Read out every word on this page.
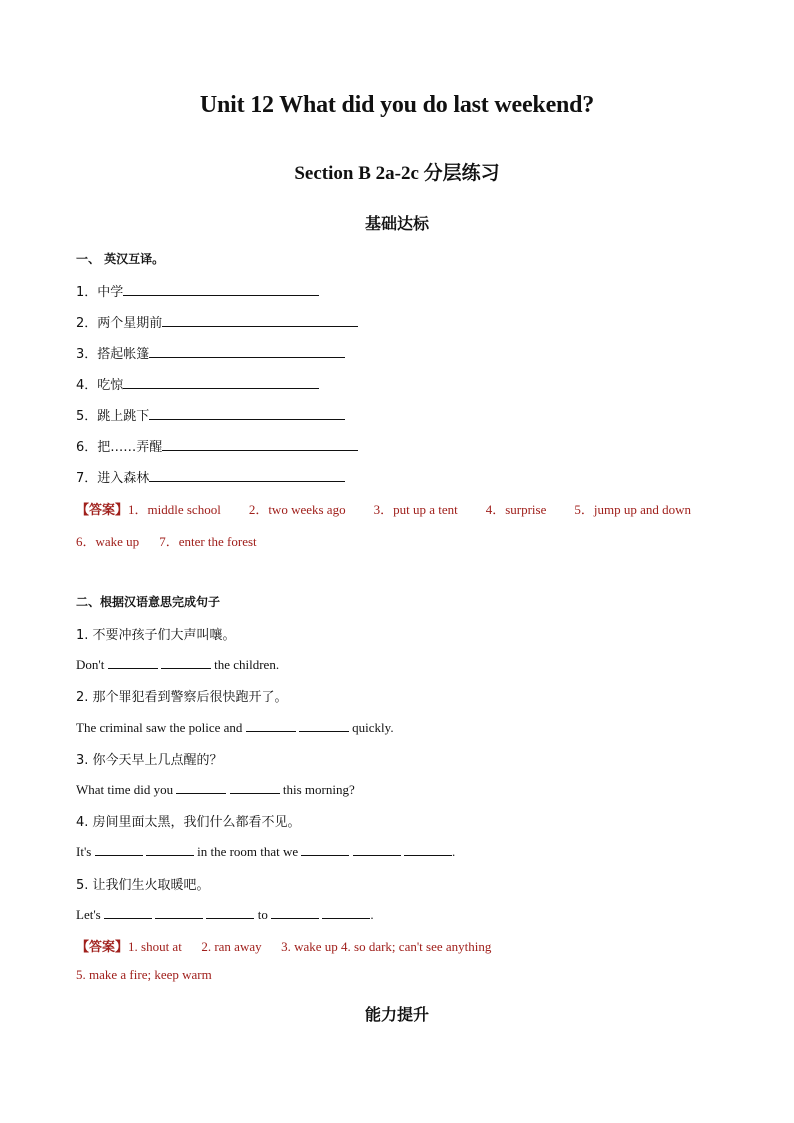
Unit 12 What did you do last weekend?
Section B 2a-2c 分层练习
基础达标
一、 英汉互译。
1．中学
2．两个星期前
3．搭起帐篷
4．吃惊
5．跳上跳下
6．把……弄醒
7．进入森林
【答案】1．middle school 2．two weeks ago 3．put up a tent 4．surprise 5．jump up and down
6．wake up 7．enter the forest
二、根据汉语意思完成句子
1. 不要冲孩子们大声叫嚷。
Don't	the children.
2. 那个罪犯看到警察后很快跑开了。
The criminal saw the police and	quickly.
3. 你今天早上几点醒的？
What time did you	this morning?
4. 房间里面太黑，我们什么都看不见。
It's	in the room that we	.
5. 让我们生火取暖吧。
Let's	to	.
【答案】1. shout at      2. ran away      3. wake up 4. so dark; can't see anything
5. make a fire; keep warm
能力提升
